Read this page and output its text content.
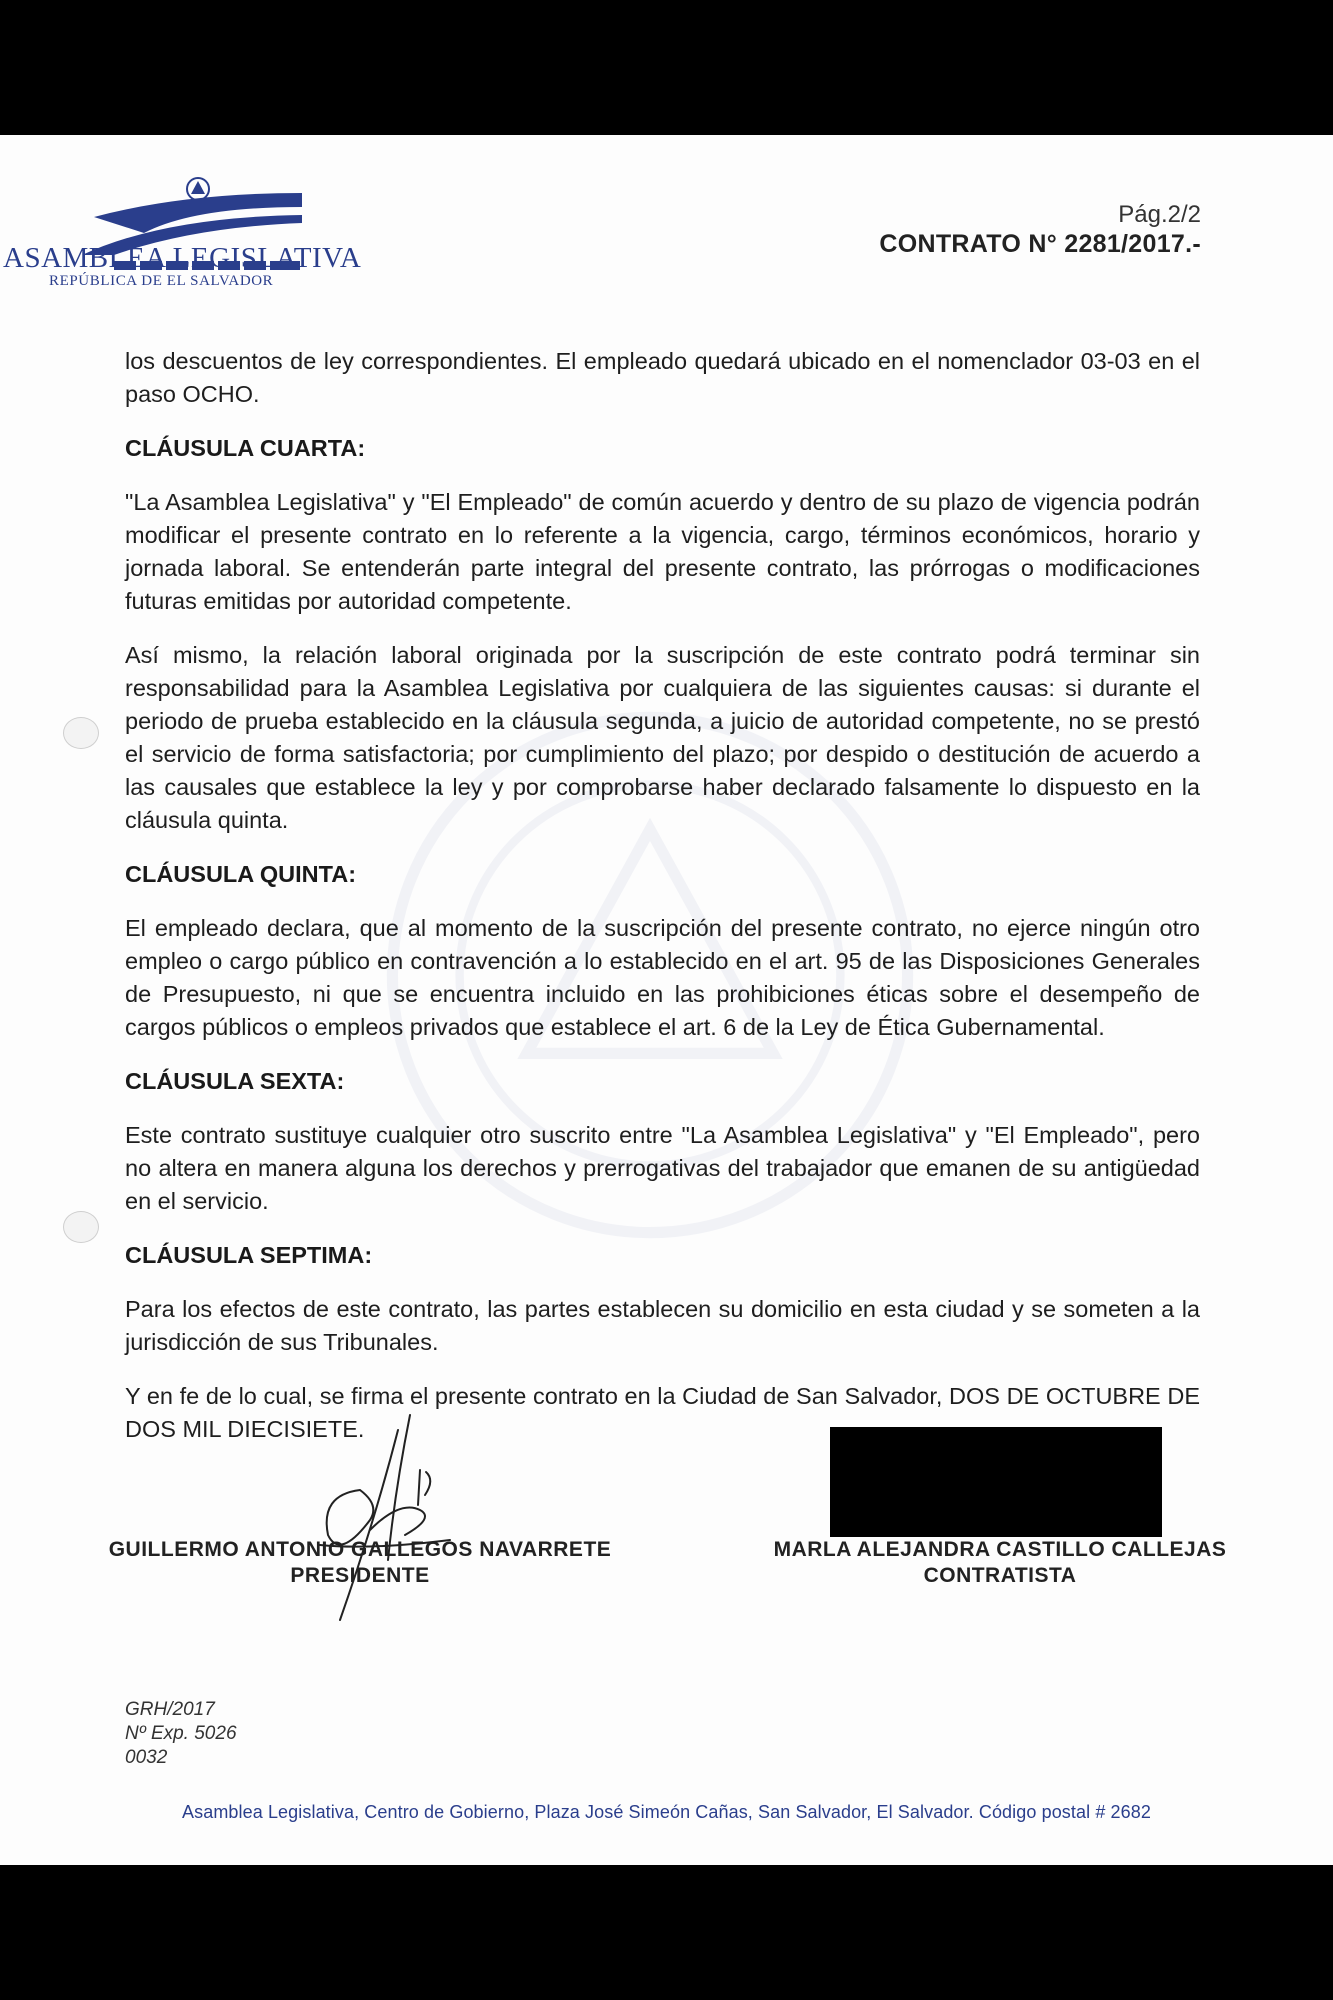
ASAMBLEA LEGISLATIVA
REPÚBLICA DE EL SALVADOR
Pág.2/2
CONTRATO N° 2281/2017.-

los descuentos de ley correspondientes. El empleado quedará ubicado en el nomenclador 03-03 en el paso OCHO.

CLÁUSULA CUARTA:

"La Asamblea Legislativa" y "El Empleado" de común acuerdo y dentro de su plazo de vigencia podrán modificar el presente contrato en lo referente a la vigencia, cargo, términos económicos, horario y jornada laboral. Se entenderán parte integral del presente contrato, las prórrogas o modificaciones futuras emitidas por autoridad competente.

Así mismo, la relación laboral originada por la suscripción de este contrato podrá terminar sin responsabilidad para la Asamblea Legislativa por cualquiera de las siguientes causas: si durante el periodo de prueba establecido en la cláusula segunda, a juicio de autoridad competente, no se prestó el servicio de forma satisfactoria; por cumplimiento del plazo; por despido o destitución de acuerdo a las causales que establece la ley y por comprobarse haber declarado falsamente lo dispuesto en la cláusula quinta.

CLÁUSULA QUINTA:

El empleado declara, que al momento de la suscripción del presente contrato, no ejerce ningún otro empleo o cargo público en contravención a lo establecido en el art. 95 de las Disposiciones Generales de Presupuesto, ni que se encuentra incluido en las prohibiciones éticas sobre el desempeño de cargos públicos o empleos privados que establece el art. 6 de la Ley de Ética Gubernamental.

CLÁUSULA SEXTA:

Este contrato sustituye cualquier otro suscrito entre "La Asamblea Legislativa" y "El Empleado", pero no altera en manera alguna los derechos y prerrogativas del trabajador que emanen de su antigüedad en el servicio.

CLÁUSULA SEPTIMA:

Para los efectos de este contrato, las partes establecen su domicilio en esta ciudad y se someten a la jurisdicción de sus Tribunales.

Y en fe de lo cual, se firma el presente contrato en la Ciudad de San Salvador, DOS DE OCTUBRE DE DOS MIL DIECISIETE.

GUILLERMO ANTONIO GALLEGOS NAVARRETE
PRESIDENTE
MARLA ALEJANDRA CASTILLO CALLEJAS
CONTRATISTA
GRH/2017
Nº Exp. 5026
0032
Asamblea Legislativa, Centro de Gobierno, Plaza José Simeón Cañas, San Salvador, El Salvador. Código postal # 2682
